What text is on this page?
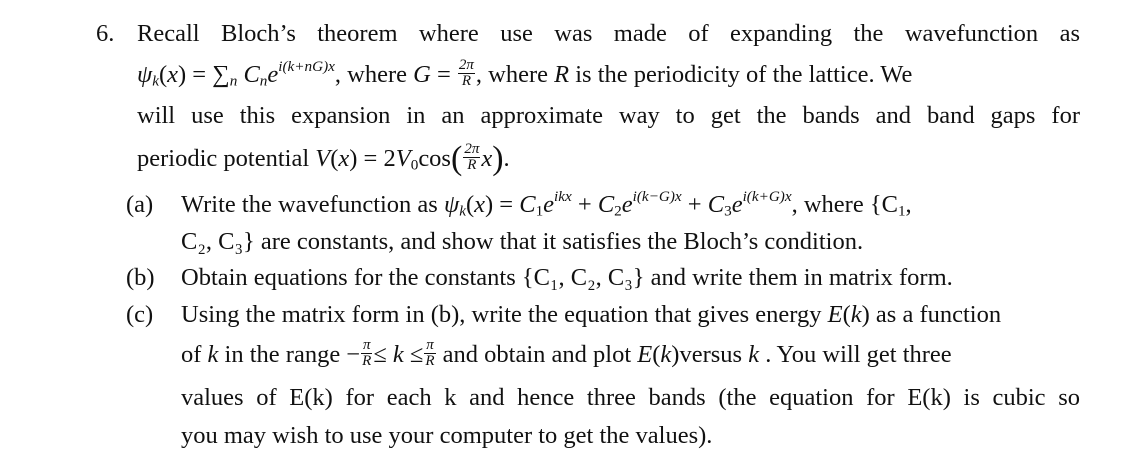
6. Recall Bloch’s theorem where use was made of expanding the wavefunction as
$\psi_k(x) = \sum_n$ $C_ne^{i(k+nG)x}$, where $G = \frac{2\pi}{R}$ , where R is the periodicity of the lattice. We
will use this expansion in an approximate way to get the bands and band gaps for
periodic potential $V(x) = 2V_0\cos( \frac{2\pi}{R} x)$.
(a) Write the wavefunction as $\psi_k(x) = C_1e^{ikx} + C_2e^{i(k-G)x} + C_3e^{i(k+G)x}$, where {$C_1$,
C₂, C₃} are constants, and show that it satisfies the Bloch’s condition.
(b) Obtain equations for the constants {C₁, C₂, C₃} and write them in matrix form.
(c) Using the matrix form in (b), write the equation that gives energy E(k) as a function
of k in the range − $\frac{\pi}{R} \le k \le \frac{\pi}{R}$ and obtain and plot E(k)versus k . You will get three
values of E(k) for each k and hence three bands (the equation for E(k) is cubic so
you may wish to use your computer to get the values).
